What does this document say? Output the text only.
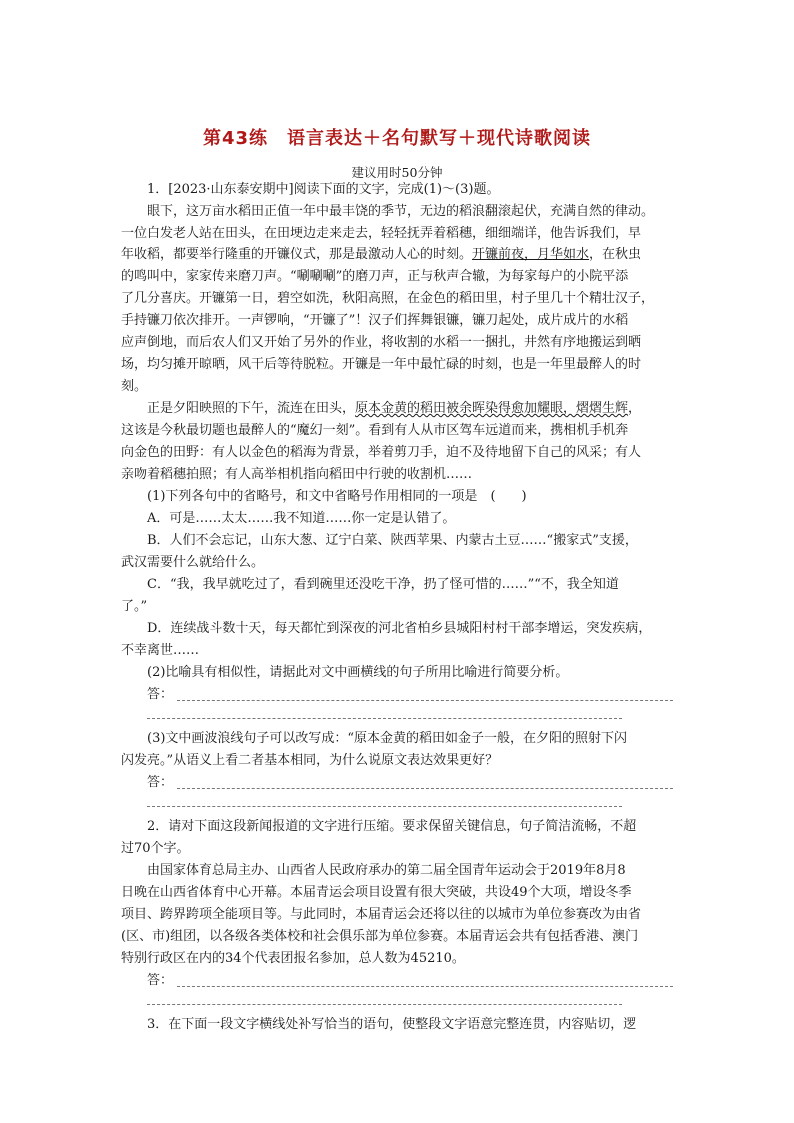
第43练　语言表达＋名句默写＋现代诗歌阅读
建议用时50分钟
1．[2023·山东泰安期中]阅读下面的文字，完成(1)～(3)题。
眼下，这万亩水稻田正值一年中最丰饶的季节，无边的稻浪翻滚起伏，充满自然的律动。
一位白发老人站在田头，在田埂边走来走去，轻轻抚弄着稻穗，细细端详，他告诉我们，早
年收稻，都要举行隆重的开镰仪式，那是最激动人心的时刻。开镰前夜，月华如水，在秋虫
的鸣叫中，家家传来磨刀声。“唰唰唰”的磨刀声，正与秋声合辙，为每家每户的小院平添
了几分喜庆。开镰第一日，碧空如洗，秋阳高照，在金色的稻田里，村子里几十个精壮汉子，
手持镰刀依次排开。一声锣响，“开镰了”！汉子们挥舞银镰，镰刀起处，成片成片的水稻
应声倒地，而后农人们又开始了另外的作业，将收割的水稻一一捆扎，井然有序地搬运到晒
场，均匀摊开晾晒，风干后等待脱粒。开镰是一年中最忙碌的时刻，也是一年里最醉人的时
刻。
正是夕阳映照的下午，流连在田头，原本金黄的稻田被余晖染得愈加耀眼，熠熠生辉，
这该是今秋最切题也最醉人的“魔幻一刻”。看到有人从市区驾车远道而来，携相机手机奔
向金色的田野：有人以金色的稻海为背景，举着剪刀手，迫不及待地留下自己的风采；有人
亲吻着稻穗拍照；有人高举相机指向稻田中行驶的收割机……
(1)下列各句中的省略号，和文中省略号作用相同的一项是　 (　　)
A．可是……太太……我不知道……你一定是认错了。
B．人们不会忘记，山东大葱、辽宁白菜、陕西苹果、内蒙古土豆……“搬家式”支援，
武汉需要什么就给什么。
C．“我，我早就吃过了，看到碗里还没吃干净，扔了怪可惜的……”“不，我全知道
了。”
D．连续战斗数十天，每天都忙到深夜的河北省柏乡县城阳村村干部李增运，突发疾病，
不幸离世……
(2)比喻具有相似性，请据此对文中画横线的句子所用比喻进行简要分析。
答：
(3)文中画波浪线句子可以改写成：“原本金黄的稻田如金子一般，在夕阳的照射下闪
闪发亮。”从语义上看二者基本相同，为什么说原文表达效果更好？
答：
2．请对下面这段新闻报道的文字进行压缩。要求保留关键信息，句子简洁流畅，不超
过70个字。
由国家体育总局主办、山西省人民政府承办的第二届全国青年运动会于2019年8月8
日晚在山西省体育中心开幕。本届青运会项目设置有很大突破，共设49个大项，增设冬季
项目、跨界跨项全能项目等。与此同时，本届青运会还将以往的以城市为单位参赛改为由省
(区、市)组团，以各级各类体校和社会俱乐部为单位参赛。本届青运会共有包括香港、澳门
特别行政区在内的34个代表团报名参加，总人数为45210。
答：
3．在下面一段文字横线处补写恰当的语句，使整段文字语意完整连贯，内容贴切，逻
